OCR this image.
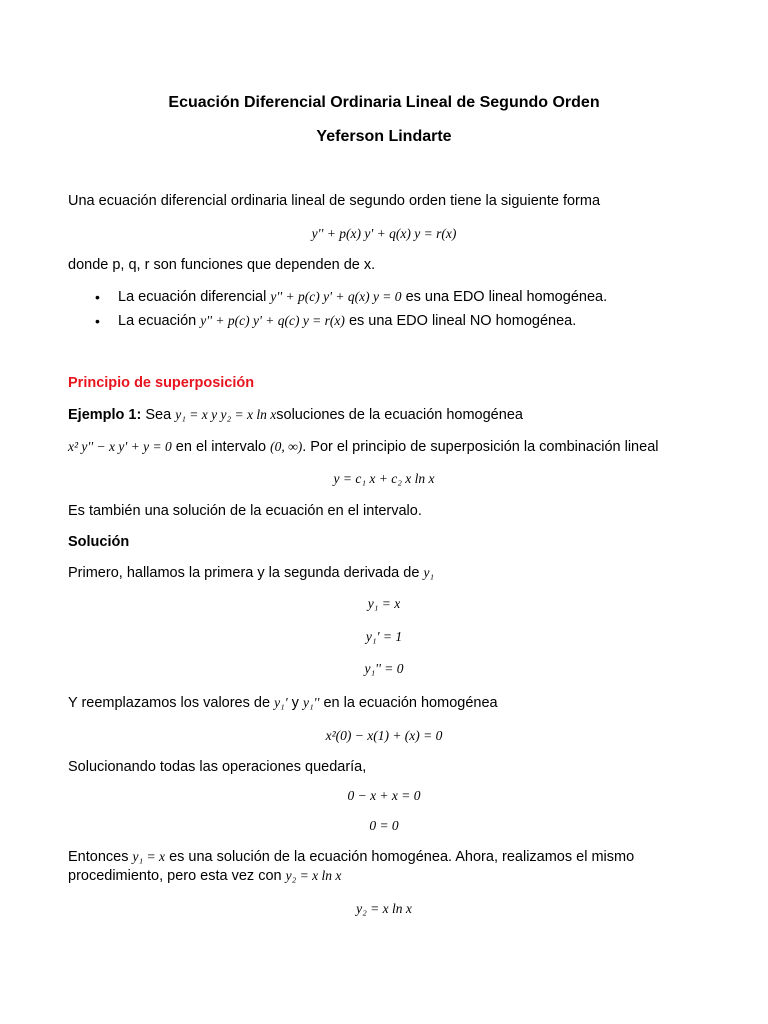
Ecuación Diferencial Ordinaria Lineal de Segundo Orden
Yeferson Lindarte
Una ecuación diferencial ordinaria lineal de segundo orden tiene la siguiente forma
y'' + p(x) y' + q(x) y = r(x)
donde p, q, r son funciones que dependen de x.
• La ecuación diferencial y'' + p(c) y' + q(x) y = 0 es una EDO lineal homogénea.
• La ecuación y'' + p(c) y' + q(c) y = r(x) es una EDO lineal NO homogénea.
Principio de superposición
Ejemplo 1: Sea y₁ = x y y₂ = x ln xsoluciones de la ecuación homogénea
x² y'' − x y' + y = 0 en el intervalo (0, ∞). Por el principio de superposición la combinación lineal
y = c₁ x + c₂ x ln x
Es también una solución de la ecuación en el intervalo.
Solución
Primero, hallamos la primera y la segunda derivada de y₁
y₁ = x
y₁' = 1
y₁'' = 0
Y reemplazamos los valores de y₁' y y₁'' en la ecuación homogénea
x²(0) − x(1) + (x) = 0
Solucionando todas las operaciones quedaría,
0 − x + x = 0
0 = 0
Entonces y₁ = x es una solución de la ecuación homogénea. Ahora, realizamos el mismo
procedimiento, pero esta vez con y₂ = x ln x
y₂ = x ln x
